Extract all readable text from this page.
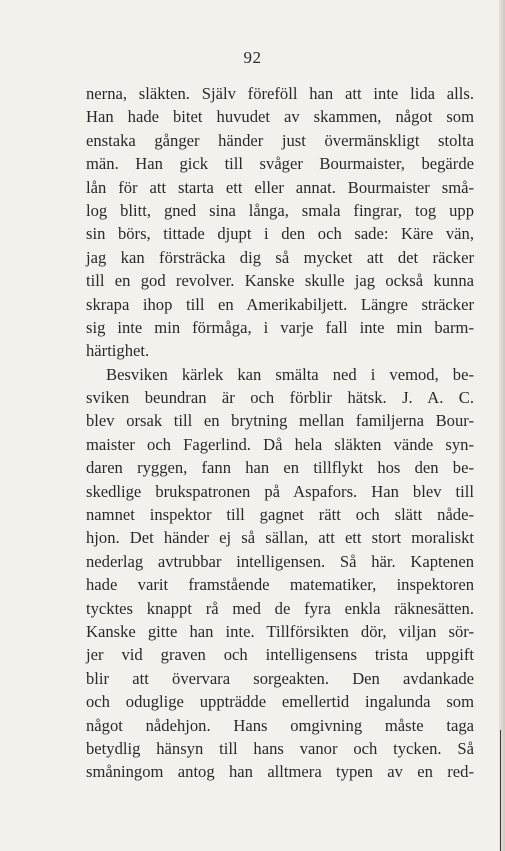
92
nerna, släkten. Själv föreföll han att inte lida alls.
Han hade bitet huvudet av skammen, något som
enstaka gånger händer just övermänskligt stolta
män. Han gick till svåger Bourmaister, begärde
lån för att starta ett eller annat. Bourmaister små-
log blitt, gned sina långa, smala fingrar, tog upp
sin börs, tittade djupt i den och sade: Käre vän,
jag kan försträcka dig så mycket att det räcker
till en god revolver. Kanske skulle jag också kunna
skrapa ihop till en Amerikabiljett. Längre sträcker
sig inte min förmåga, i varje fall inte min barm-
härtighet.
Besviken kärlek kan smälta ned i vemod, be-
sviken beundran är och förblir hätsk. J. A. C.
blev orsak till en brytning mellan familjerna Bour-
maister och Fagerlind. Då hela släkten vände syn-
daren ryggen, fann han en tillflykt hos den be-
skedlige brukspatronen på Aspafors. Han blev till
namnet inspektor till gagnet rätt och slätt nåde-
hjon. Det händer ej så sällan, att ett stort moraliskt
nederlag avtrubbar intelligensen. Så här. Kaptenen
hade varit framstående matematiker, inspektoren
tycktes knappt rå med de fyra enkla räknesätten.
Kanske gitte han inte. Tillförsikten dör, viljan sör-
jer vid graven och intelligensens trista uppgift
blir att övervara sorgeakten. Den avdankade
och oduglige uppträdde emellertid ingalunda som
något nådehjon. Hans omgivning måste taga
betydlig hänsyn till hans vanor och tycken. Så
småningom antog han alltmera typen av en red-
